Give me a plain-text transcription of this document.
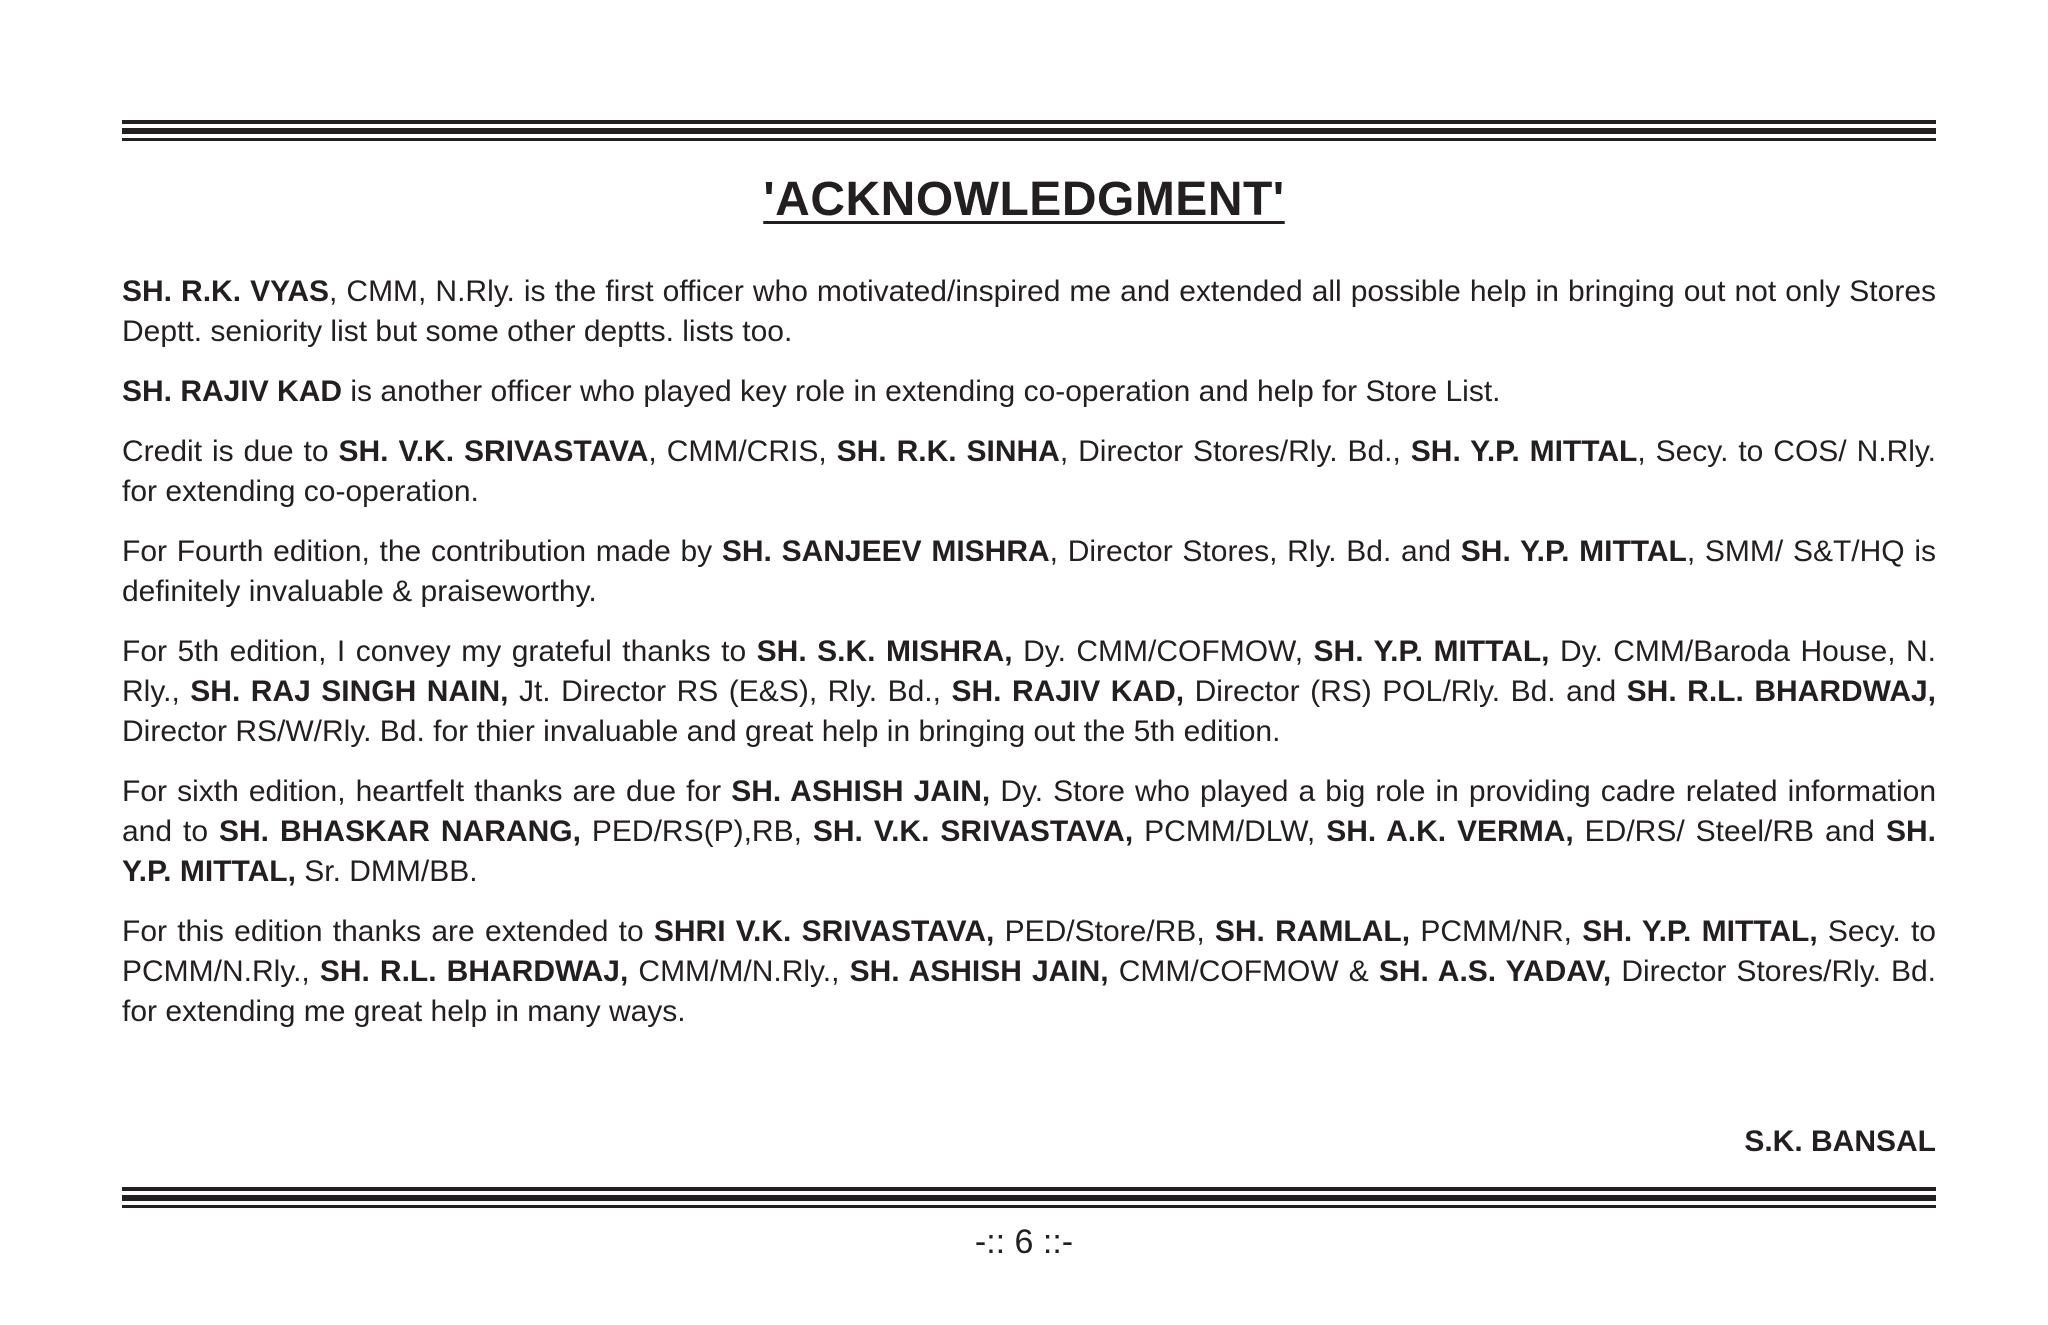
'ACKNOWLEDGMENT'

SH. R.K. VYAS, CMM, N.Rly. is the first officer who motivated/inspired me and extended all possible help in bringing out not only Stores Deptt. seniority list but some other deptts. lists too.

SH. RAJIV KAD is another officer who played key role in extending co-operation and help for Store List.

Credit is due to SH. V.K. SRIVASTAVA, CMM/CRIS, SH. R.K. SINHA, Director Stores/Rly. Bd., SH. Y.P. MITTAL, Secy. to COS/ N.Rly. for extending co-operation.

For Fourth edition, the contribution made by SH. SANJEEV MISHRA, Director Stores, Rly. Bd. and SH. Y.P. MITTAL, SMM/ S&T/HQ is definitely invaluable & praiseworthy.

For 5th edition, I convey my grateful thanks to SH. S.K. MISHRA, Dy. CMM/COFMOW, SH. Y.P. MITTAL, Dy. CMM/Baroda House, N. Rly., SH. RAJ SINGH NAIN, Jt. Director RS (E&S), Rly. Bd., SH. RAJIV KAD, Director (RS) POL/Rly. Bd. and SH. R.L. BHARDWAJ, Director RS/W/Rly. Bd. for thier invaluable and great help in bringing out the 5th edition.

For sixth edition, heartfelt thanks are due for SH. ASHISH JAIN, Dy. Store who played a big role in providing cadre related information and to SH. BHASKAR NARANG, PED/RS(P),RB, SH. V.K. SRIVASTAVA, PCMM/DLW, SH. A.K. VERMA, ED/RS/ Steel/RB and SH. Y.P. MITTAL, Sr. DMM/BB.

For this edition thanks are extended to SHRI V.K. SRIVASTAVA, PED/Store/RB, SH. RAMLAL, PCMM/NR, SH. Y.P. MITTAL, Secy. to PCMM/N.Rly., SH. R.L. BHARDWAJ, CMM/M/N.Rly., SH. ASHISH JAIN, CMM/COFMOW & SH. A.S. YADAV, Director Stores/Rly. Bd. for extending me great help in many ways.

S.K. BANSAL
-:: 6 ::-
